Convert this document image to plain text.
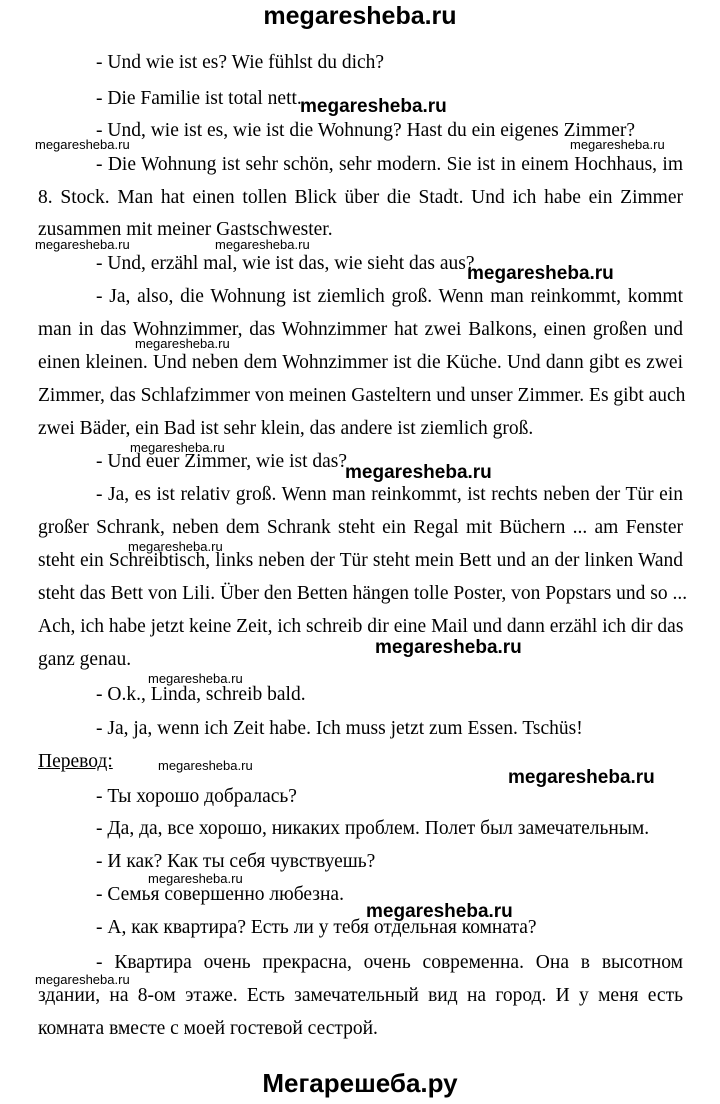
megaresheba.ru
- Und wie ist es? Wie fühlst du dich?
- Die Familie ist total nett.
- Und, wie ist es, wie ist die Wohnung? Hast du ein eigenes Zimmer?
- Die Wohnung ist sehr schön, sehr modern. Sie ist in einem Hochhaus, im
8. Stock. Man hat einen tollen Blick über die Stadt. Und ich habe ein Zimmer
zusammen mit meiner Gastschwester.
- Und, erzähl mal, wie ist das, wie sieht das aus?
- Ja, also, die Wohnung ist ziemlich groß. Wenn man reinkommt, kommt
man in das Wohnzimmer, das Wohnzimmer hat zwei Balkons, einen großen und
einen kleinen. Und neben dem Wohnzimmer ist die Küche. Und dann gibt es zwei
Zimmer, das Schlafzimmer von meinen Gasteltern und unser Zimmer. Es gibt auch
zwei Bäder, ein Bad ist sehr klein, das andere ist ziemlich groß.
- Und euer Zimmer, wie ist das?
- Ja, es ist relativ groß. Wenn man reinkommt, ist rechts neben der Tür ein
großer Schrank, neben dem Schrank steht ein Regal mit Büchern ... am Fenster
steht ein Schreibtisch, links neben der Tür steht mein Bett und an der linken Wand
steht das Bett von Lili. Über den Betten hängen tolle Poster, von Popstars und so ...
Ach, ich habe jetzt keine Zeit, ich schreib dir eine Mail und dann erzähl ich dir das
ganz genau.
- O.k., Linda, schreib bald.
- Ja, ja, wenn ich Zeit habe. Ich muss jetzt zum Essen. Tschüs!
Перевод:
- Ты хорошо добралась?
- Да, да, все хорошо, никаких проблем. Полет был замечательным.
- И как? Как ты себя чувствуешь?
- Семья совершенно любезна.
- А, как квартира? Есть ли у тебя отдельная комната?
- Квартира очень прекрасна, очень современна. Она в высотном
здании, на 8-ом этаже. Есть замечательный вид на город. И у меня есть
комната вместе с моей гостевой сестрой.
megaresheba.ru
megaresheba.ru	megaresheba.ru
megaresheba.ru	megaresheba.ru
megaresheba.ru
megaresheba.ru
megaresheba.ru
megaresheba.ru
megaresheba.ru
megaresheba.ru
megaresheba.ru
megaresheba.ru
megaresheba.ru
megaresheba.ru
megaresheba.ru
megaresheba.ru
Мегарешеба.ру
